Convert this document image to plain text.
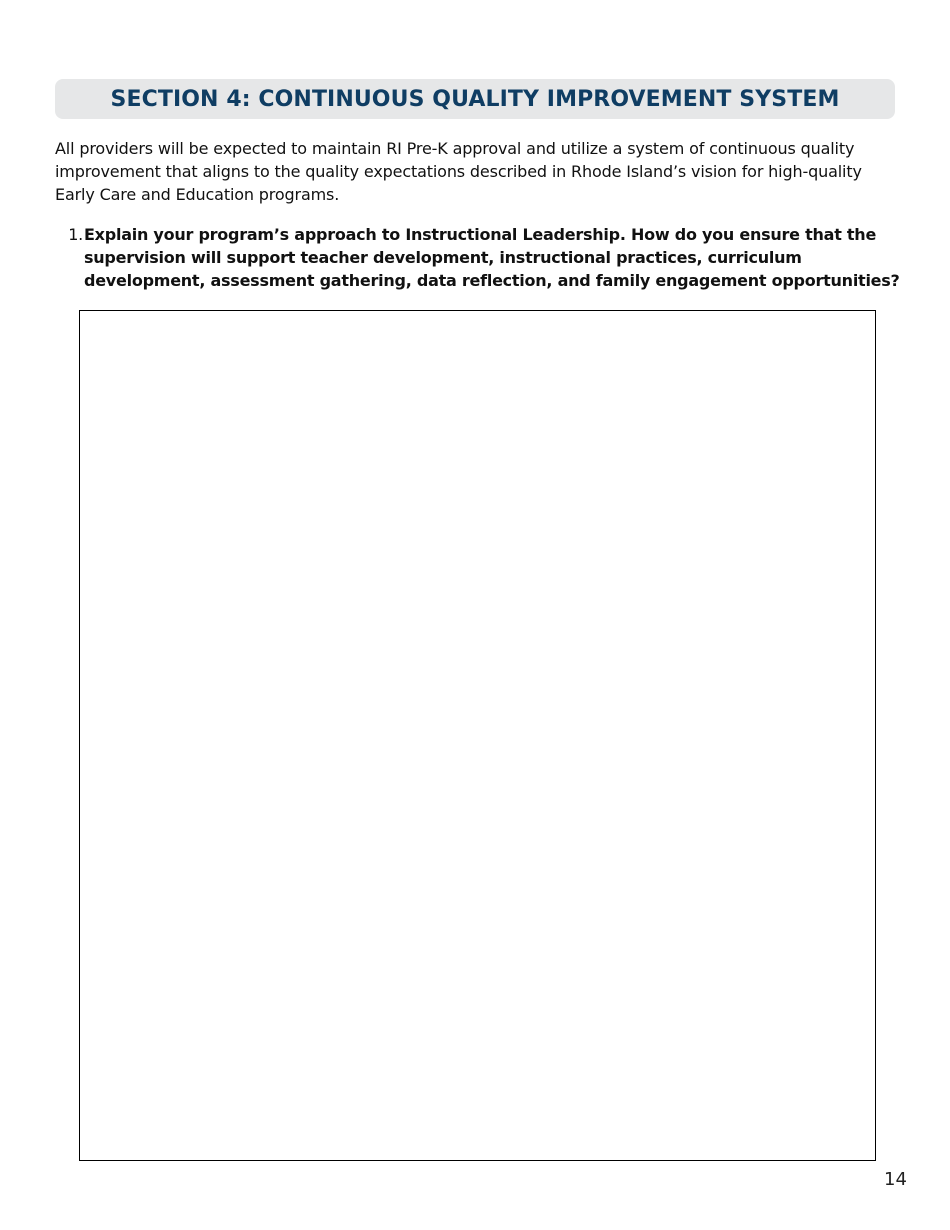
SECTION 4: CONTINUOUS QUALITY IMPROVEMENT SYSTEM

All providers will be expected to maintain RI Pre-K approval and utilize a system of continuous quality improvement that aligns to the quality expectations described in Rhode Island’s vision for high-quality Early Care and Education programs.

1. Explain your program’s approach to Instructional Leadership. How do you ensure that the supervision will support teacher development, instructional practices, curriculum development, assessment gathering, data reflection, and family engagement opportunities?
14
